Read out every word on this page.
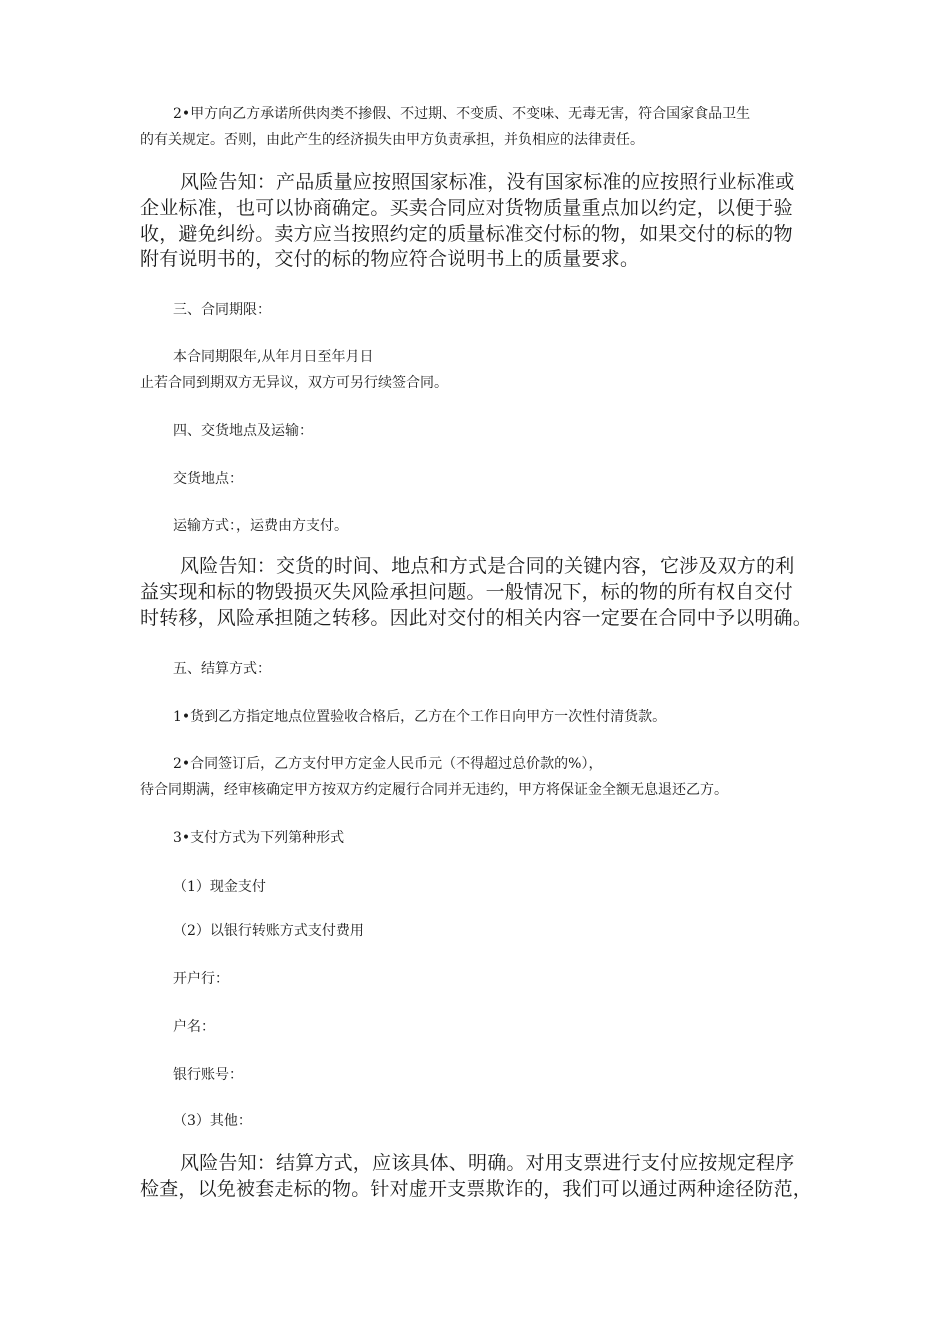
2•甲方向乙方承诺所供肉类不掺假、不过期、不变质、不变味、无毒无害，符合国家食品卫生
的有关规定。否则，由此产生的经济损失由甲方负责承担，并负相应的法律责任。
风险告知：产品质量应按照国家标准，没有国家标准的应按照行业标准或
企业标准，也可以协商确定。买卖合同应对货物质量重点加以约定，以便于验
收，避免纠纷。卖方应当按照约定的质量标准交付标的物，如果交付的标的物
附有说明书的，交付的标的物应符合说明书上的质量要求。
三、合同期限：
本合同期限年,从年月日至年月日
止若合同到期双方无异议，双方可另行续签合同。
四、交货地点及运输：
交货地点：
运输方式：，运费由方支付。
风险告知：交货的时间、地点和方式是合同的关键内容，它涉及双方的利
益实现和标的物毁损灭失风险承担问题。一般情况下，标的物的所有权自交付
时转移，风险承担随之转移。因此对交付的相关内容一定要在合同中予以明确。
五、结算方式：
1•货到乙方指定地点位置验收合格后，乙方在个工作日向甲方一次性付清货款。
2•合同签订后，乙方支付甲方定金人民币元（不得超过总价款的%），
待合同期满，经审核确定甲方按双方约定履行合同并无违约，甲方将保证金全额无息退还乙方。
3•支付方式为下列第种形式
（1）现金支付
（2）以银行转账方式支付费用
开户行：
户名：
银行账号：
（3）其他：
风险告知：结算方式，应该具体、明确。对用支票进行支付应按规定程序
检查，以免被套走标的物。针对虚开支票欺诈的，我们可以通过两种途径防范，
